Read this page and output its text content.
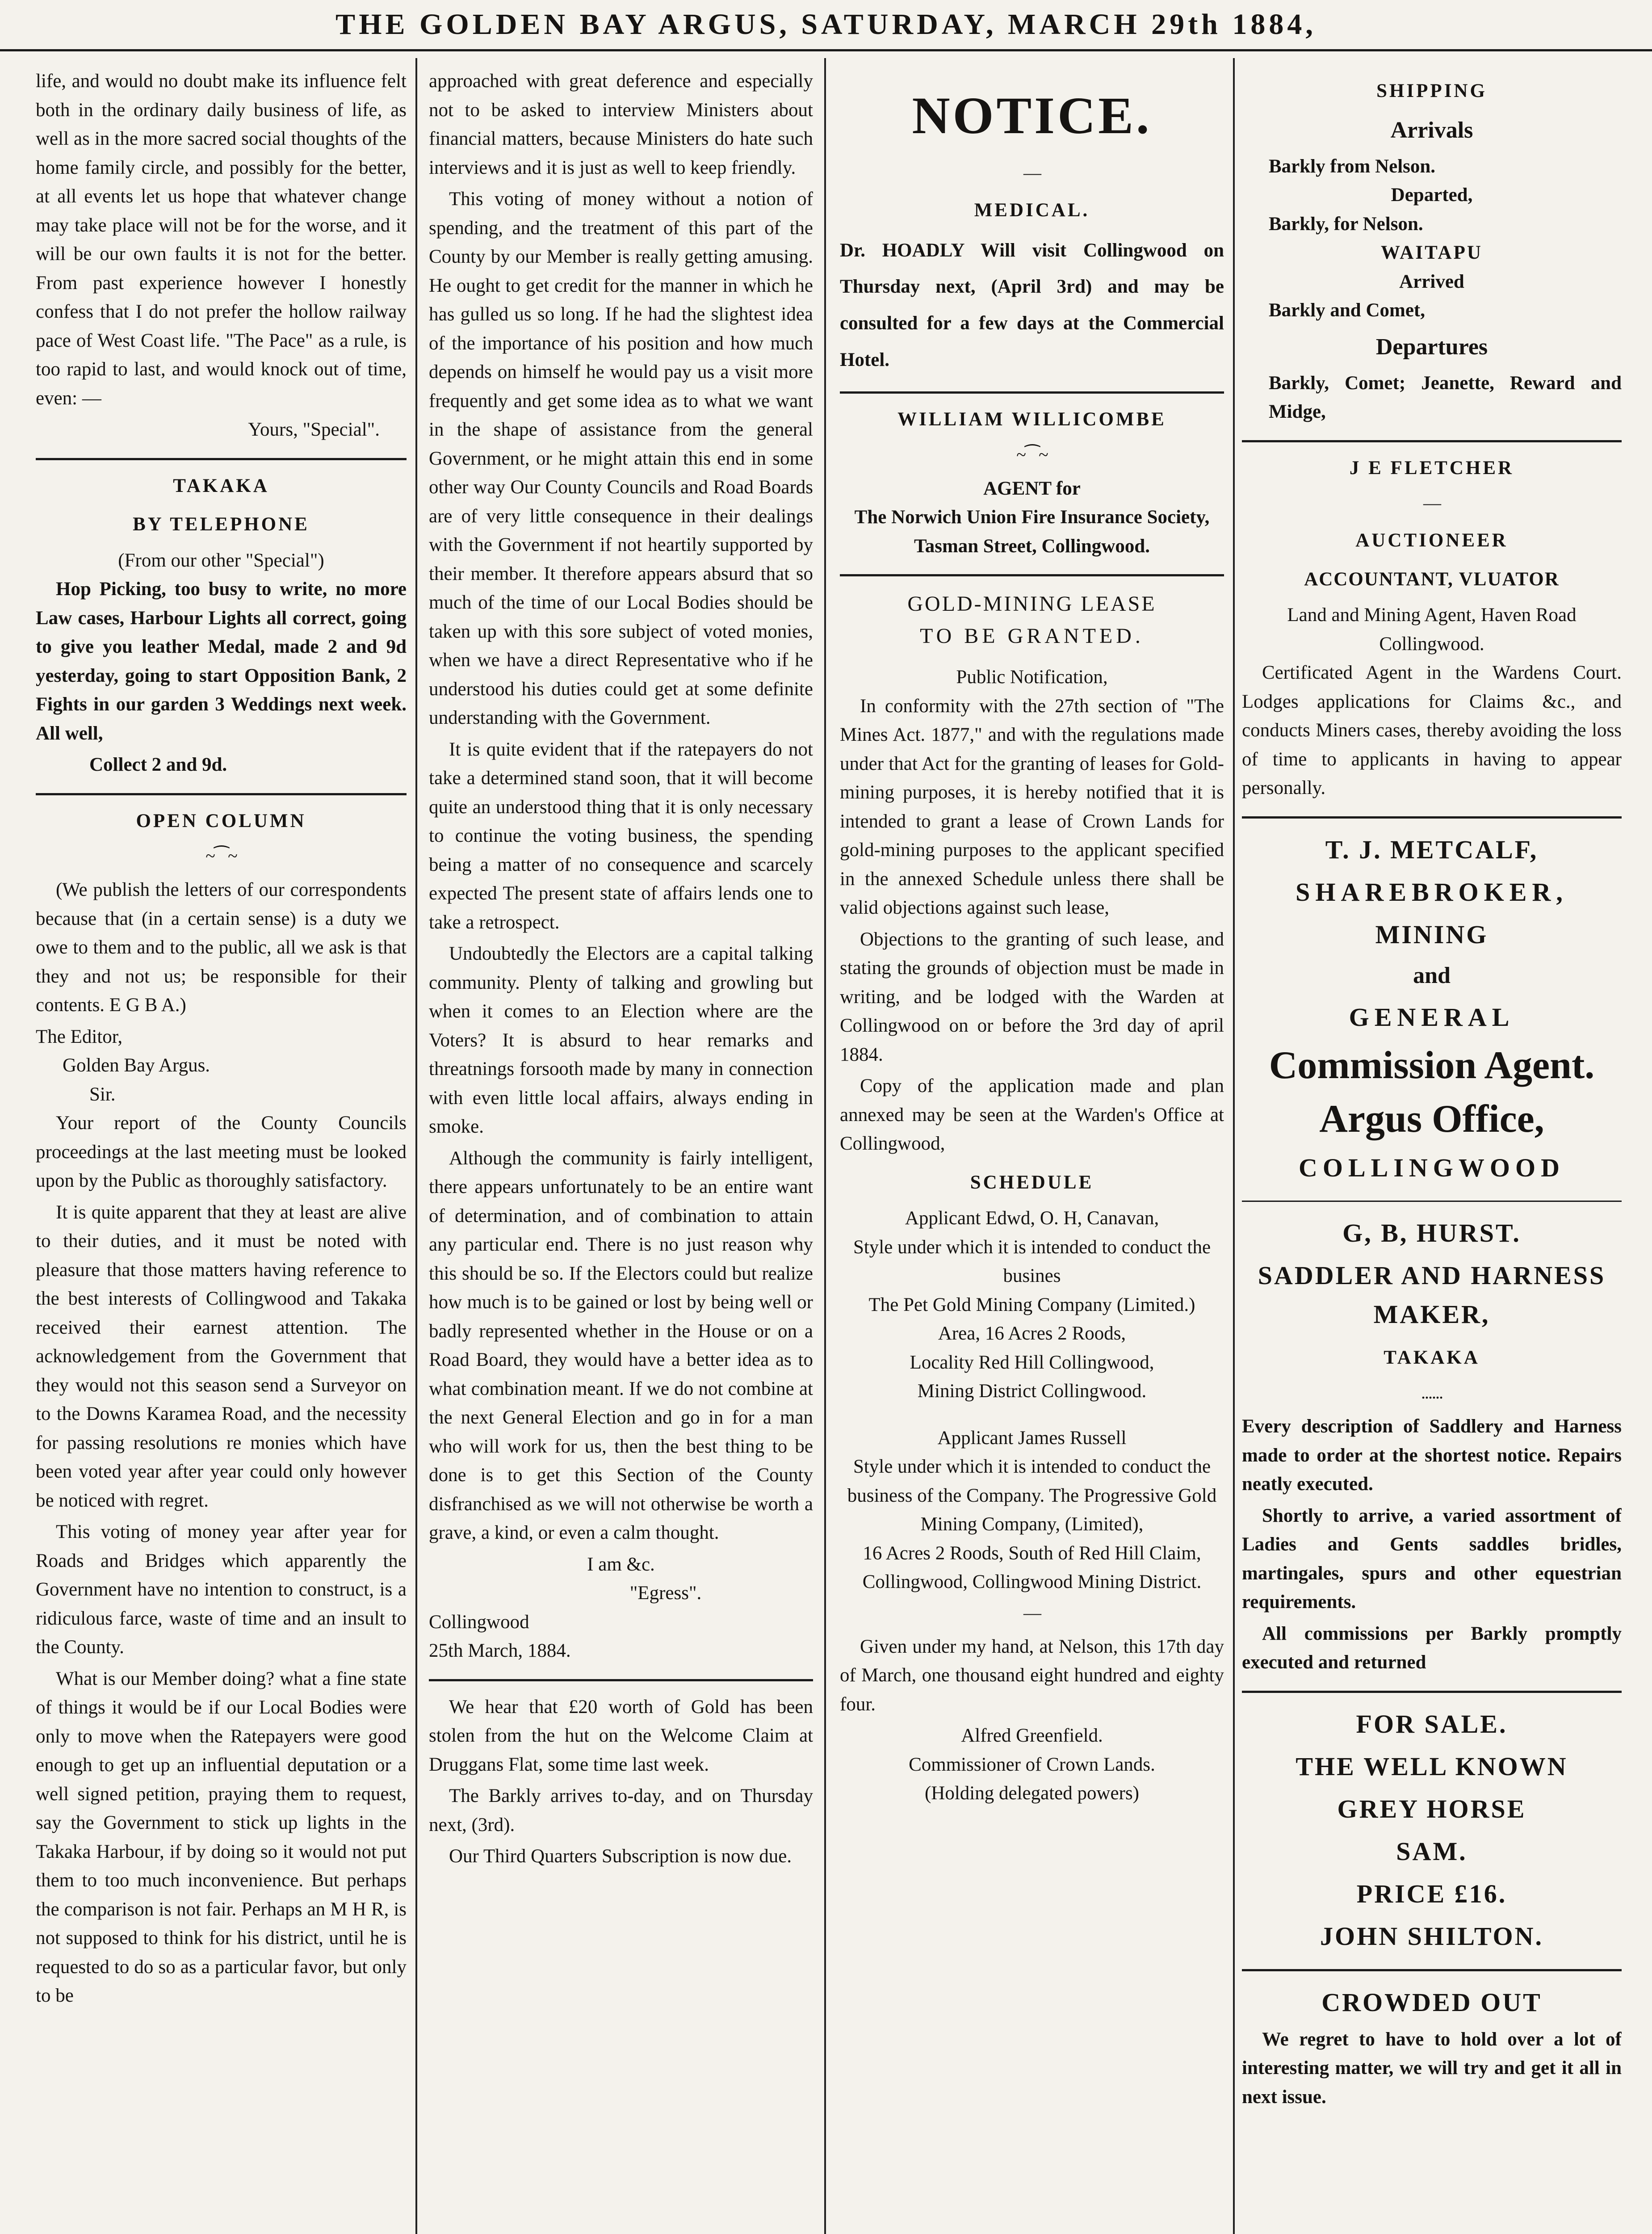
THE GOLDEN BAY ARGUS, SATURDAY, MARCH 29th 1884,

life, and would no doubt make its influence felt both in the ordinary daily business of life, as well as in the more sacred social thoughts of the home family circle, and possibly for the better, at all events let us hope that whatever change may take place will not be for the worse, and it will be our own faults it is not for the better. From past experience however I honestly confess that I do not prefer the hollow railway pace of West Coast life. "The Pace" as a rule, is too rapid to last, and would knock out of time, even: —

Yours, "Special".
TAKAKA
BY TELEPHONE
(From our other "Special")

Hop Picking, too busy to write, no more Law cases, Harbour Lights all correct, going to give you leather Medal, made 2 and 9d yesterday, going to start Opposition Bank, 2 Fights in our garden 3 Weddings next week. All well,

Collect 2 and 9d.
OPEN COLUMN
~⁀~

(We publish the letters of our correspondents because that (in a certain sense) is a duty we owe to them and to the public, all we ask is that they and not us; be responsible for their contents. E G B A.)

The Editor,
Golden Bay Argus.
Sir.

Your report of the County Councils proceedings at the last meeting must be looked upon by the Public as thoroughly satisfactory.

It is quite apparent that they at least are alive to their duties, and it must be noted with pleasure that those matters having reference to the best interests of Collingwood and Takaka received their earnest attention. The acknowledgement from the Government that they would not this season send a Surveyor on to the Downs Karamea Road, and the necessity for passing resolutions re monies which have been voted year after year could only however be noticed with regret.

This voting of money year after year for Roads and Bridges which apparently the Government have no intention to construct, is a ridiculous farce, waste of time and an insult to the County.

What is our Member doing? what a fine state of things it would be if our Local Bodies were only to move when the Ratepayers were good enough to get up an influential deputation or a well signed petition, praying them to request, say the Government to stick up lights in the Takaka Harbour, if by doing so it would not put them to too much inconvenience. But perhaps the comparison is not fair. Perhaps an M H R, is not supposed to think for his district, until he is requested to do so as a particular favor, but only to be

approached with great deference and especially not to be asked to interview Ministers about financial matters, because Ministers do hate such interviews and it is just as well to keep friendly.

This voting of money without a notion of spending, and the treatment of this part of the County by our Member is really getting amusing. He ought to get credit for the manner in which he has gulled us so long. If he had the slightest idea of the importance of his position and how much depends on himself he would pay us a visit more frequently and get some idea as to what we want in the shape of assistance from the general Government, or he might attain this end in some other way Our County Councils and Road Boards are of very little consequence in their dealings with the Government if not heartily supported by their member. It therefore appears absurd that so much of the time of our Local Bodies should be taken up with this sore subject of voted monies, when we have a direct Representative who if he understood his duties could get at some definite understanding with the Government.

It is quite evident that if the ratepayers do not take a determined stand soon, that it will become quite an understood thing that it is only necessary to continue the voting business, the spending being a matter of no consequence and scarcely expected The present state of affairs lends one to take a retrospect.

Undoubtedly the Electors are a capital talking community. Plenty of talking and growling but when it comes to an Election where are the Voters? It is absurd to hear remarks and threatnings forsooth made by many in connection with even little local affairs, always ending in smoke.

Although the community is fairly intelligent, there appears unfortunately to be an entire want of determination, and of combination to attain any particular end. There is no just reason why this should be so. If the Electors could but realize how much is to be gained or lost by being well or badly represented whether in the House or on a Road Board, they would have a better idea as to what combination meant. If we do not combine at the next General Election and go in for a man who will work for us, then the best thing to be done is to get this Section of the County disfranchised as we will not otherwise be worth a grave, a kind, or even a calm thought.

I am &c.
"Egress".
Collingwood
25th March, 1884.

We hear that £20 worth of Gold has been stolen from the hut on the Welcome Claim at Druggans Flat, some time last week.

The Barkly arrives to-day, and on Thursday next, (3rd).

Our Third Quarters Subscription is now due.

NOTICE.
—
MEDICAL.

Dr. HOADLY Will visit Collingwood on Thursday next, (April 3rd) and may be consulted for a few days at the Commercial Hotel.

WILLIAM WILLICOMBE
~⁀~
AGENT for
The Norwich Union Fire Insurance Society,
Tasman Street, Collingwood.
GOLD-MINING LEASE
TO BE GRANTED.
Public Notification,

In conformity with the 27th section of "The Mines Act. 1877," and with the regulations made under that Act for the granting of leases for Gold-mining purposes, it is hereby notified that it is intended to grant a lease of Crown Lands for gold-mining purposes to the applicant specified in the annexed Schedule unless there shall be valid objections against such lease,

Objections to the granting of such lease, and stating the grounds of objection must be made in writing, and be lodged with the Warden at Collingwood on or before the 3rd day of april 1884.

Copy of the application made and plan annexed may be seen at the Warden's Office at Collingwood,

SCHEDULE
Applicant Edwd, O. H, Canavan,
Style under which it is intended to conduct the busines
The Pet Gold Mining Company (Limited.)
Area, 16 Acres 2 Roods,
Locality Red Hill Collingwood,
Mining District Collingwood.
Applicant James Russell
Style under which it is intended to conduct the business of the Company. The Progressive Gold Mining Company, (Limited),
16 Acres 2 Roods, South of Red Hill Claim, Collingwood, Collingwood Mining District.
—

Given under my hand, at Nelson, this 17th day of March, one thousand eight hundred and eighty four.

Alfred Greenfield.
Commissioner of Crown Lands.
(Holding delegated powers)
SHIPPING
Arrivals
Barkly from Nelson.
Departed,
Barkly, for Nelson.
WAITAPU
Arrived
Barkly and Comet,
Departures
Barkly, Comet; Jeanette, Reward and Midge,
J E FLETCHER
—
AUCTIONEER
ACCOUNTANT, VLUATOR
Land and Mining Agent, Haven Road Collingwood.

Certificated Agent in the Wardens Court. Lodges applications for Claims &c., and conducts Miners cases, thereby avoiding the loss of time to applicants in having to appear personally.

T. J. METCALF,
SHAREBROKER,
MINING
and
GENERAL
Commission Agent.
Argus Office,
COLLINGWOOD
G, B, HURST.
SADDLER AND HARNESS MAKER,
TAKAKA
......

Every description of Saddlery and Harness made to order at the shortest notice. Repairs neatly executed.

Shortly to arrive, a varied assortment of Ladies and Gents saddles bridles, martingales, spurs and other equestrian requirements.

All commissions per Barkly promptly executed and returned

FOR SALE.
THE WELL KNOWN
GREY HORSE
SAM.
PRICE £16.
JOHN SHILTON.
CROWDED OUT

We regret to have to hold over a lot of interesting matter, we will try and get it all in next issue.
